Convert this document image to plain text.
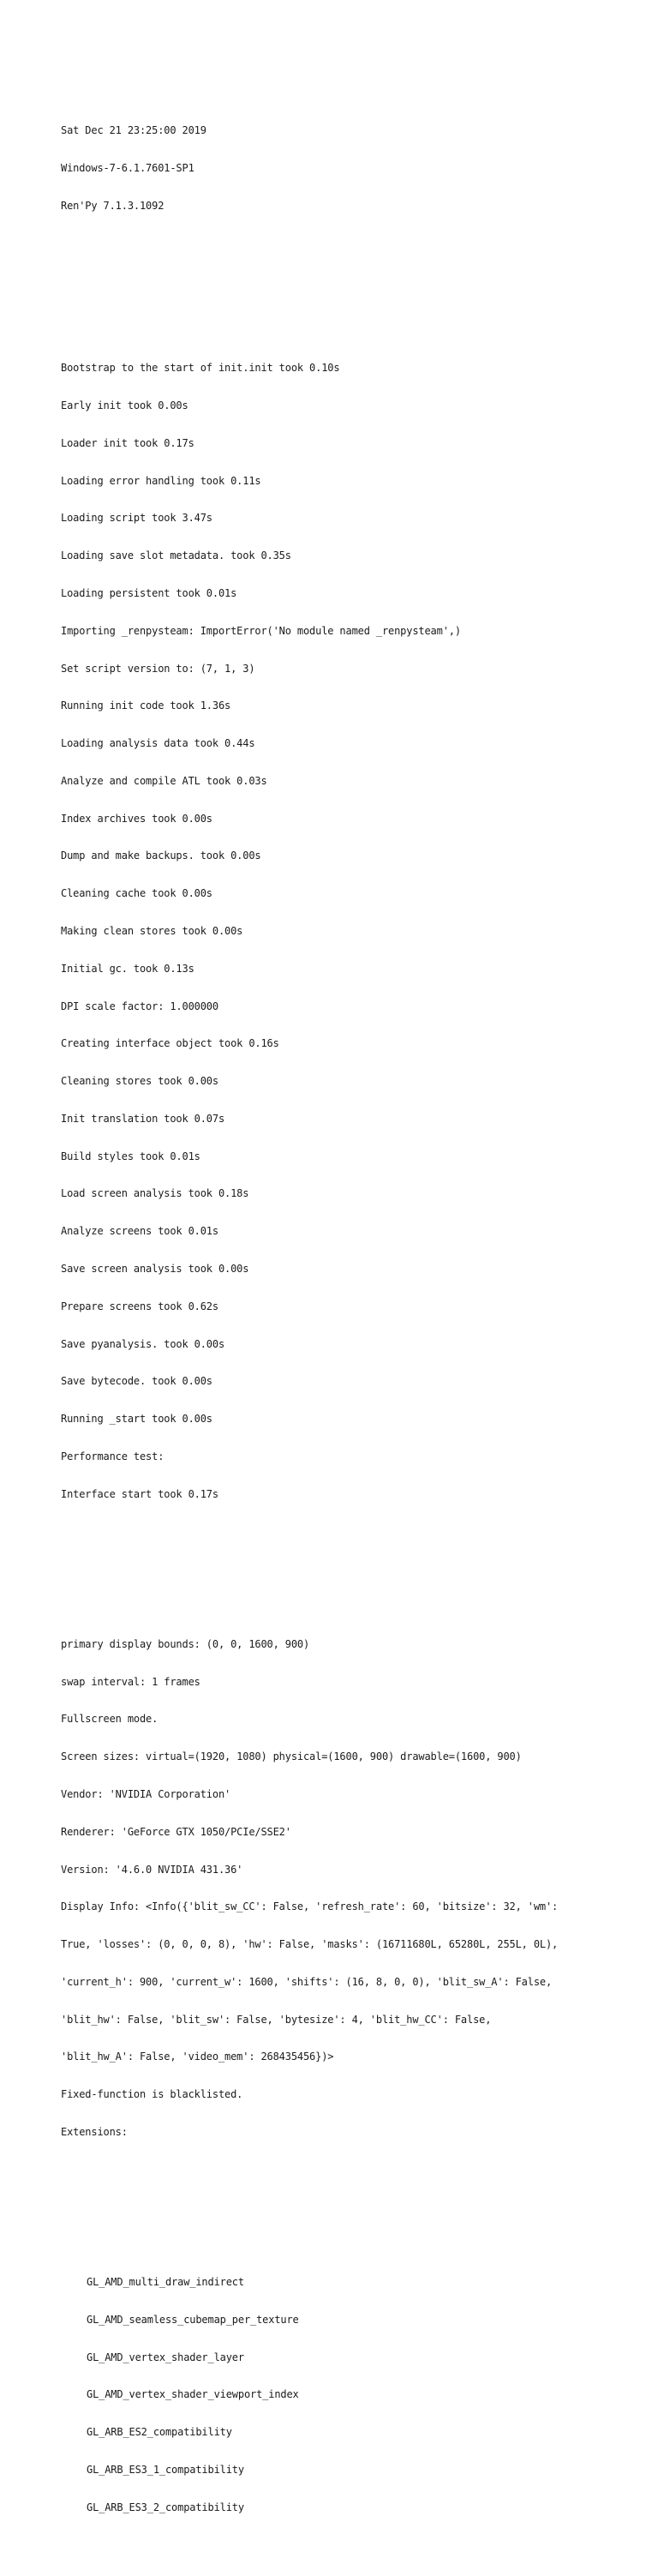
Sat Dec 21 23:25:00 2019

Windows-7-6.1.7601-SP1

Ren'Py 7.1.3.1092

Bootstrap to the start of init.init took 0.10s

Early init took 0.00s

Loader init took 0.17s

Loading error handling took 0.11s

Loading script took 3.47s

Loading save slot metadata. took 0.35s

Loading persistent took 0.01s

Importing _renpysteam: ImportError('No module named _renpysteam',)

Set script version to: (7, 1, 3)

Running init code took 1.36s

Loading analysis data took 0.44s

Analyze and compile ATL took 0.03s

Index archives took 0.00s

Dump and make backups. took 0.00s

Cleaning cache took 0.00s

Making clean stores took 0.00s

Initial gc. took 0.13s

DPI scale factor: 1.000000

Creating interface object took 0.16s

Cleaning stores took 0.00s

Init translation took 0.07s

Build styles took 0.01s

Load screen analysis took 0.18s

Analyze screens took 0.01s

Save screen analysis took 0.00s

Prepare screens took 0.62s

Save pyanalysis. took 0.00s

Save bytecode. took 0.00s

Running _start took 0.00s

Performance test:

Interface start took 0.17s

primary display bounds: (0, 0, 1600, 900)

swap interval: 1 frames

Fullscreen mode.

Screen sizes: virtual=(1920, 1080) physical=(1600, 900) drawable=(1600, 900)

Vendor: 'NVIDIA Corporation'

Renderer: 'GeForce GTX 1050/PCIe/SSE2'

Version: '4.6.0 NVIDIA 431.36'

Display Info: <Info({'blit_sw_CC': False, 'refresh_rate': 60, 'bitsize': 32, 'wm':

True, 'losses': (0, 0, 0, 8), 'hw': False, 'masks': (16711680L, 65280L, 255L, 0L),

'current_h': 900, 'current_w': 1600, 'shifts': (16, 8, 0, 0), 'blit_sw_A': False,

'blit_hw': False, 'blit_sw': False, 'bytesize': 4, 'blit_hw_CC': False,

'blit_hw_A': False, 'video_mem': 268435456})>

Fixed-function is blacklisted.

Extensions:

GL_AMD_multi_draw_indirect

GL_AMD_seamless_cubemap_per_texture

GL_AMD_vertex_shader_layer

GL_AMD_vertex_shader_viewport_index

GL_ARB_ES2_compatibility

GL_ARB_ES3_1_compatibility

GL_ARB_ES3_2_compatibility
